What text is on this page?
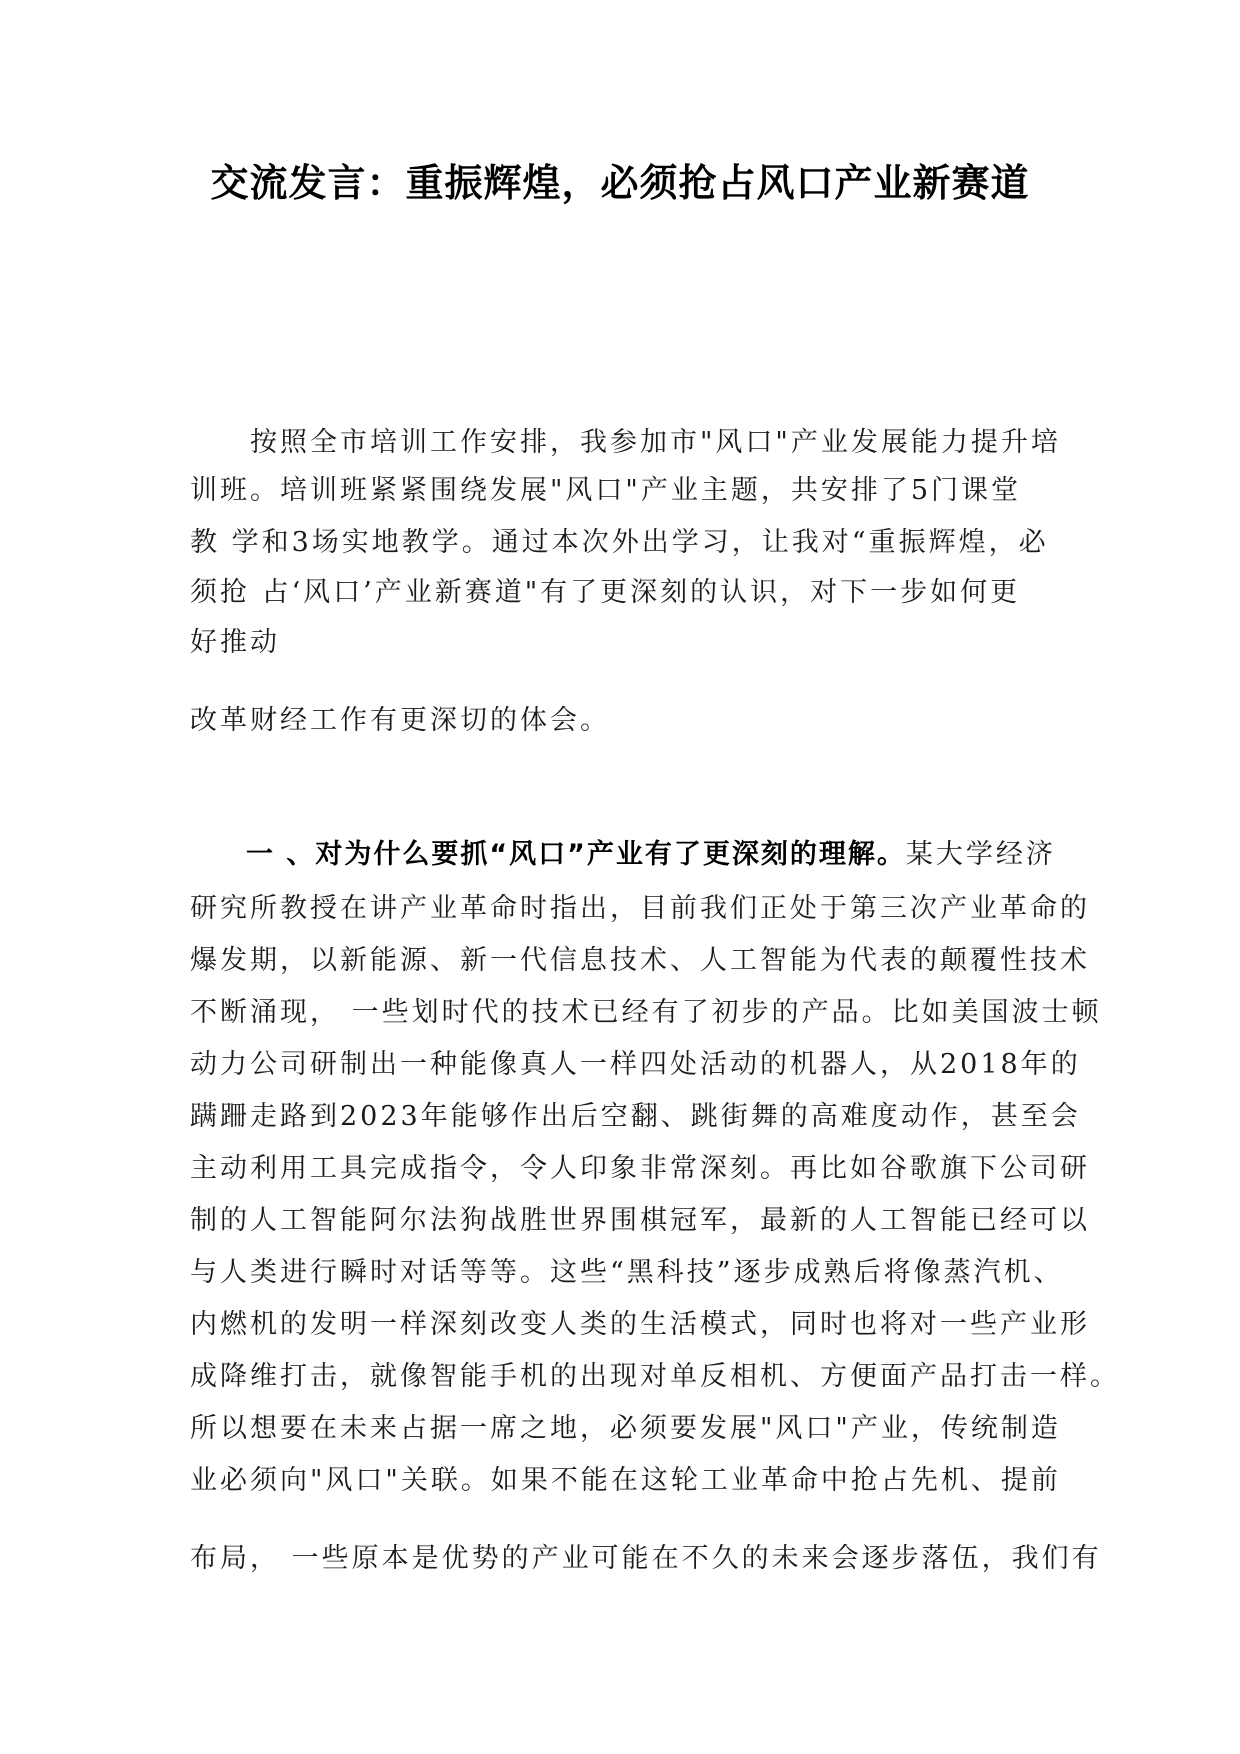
交流发言：重振辉煌，必须抢占风口产业新赛道

按照全市培训工作安排，我参加市"风口"产业发展能力提升培

训班。培训班紧紧围绕发展"风口"产业主题，共安排了5门课堂

教 学和3场实地教学。通过本次外出学习，让我对“重振辉煌，必

须抢 占‘风口’产业新赛道"有了更深刻的认识，对下一步如何更

好推动

改革财经工作有更深切的体会。

一 、对为什么要抓“风口”产业有了更深刻的理解。某大学经济

研究所教授在讲产业革命时指出，目前我们正处于第三次产业革命的

爆发期，以新能源、新一代信息技术、人工智能为代表的颠覆性技术

不断涌现， 一些划时代的技术已经有了初步的产品。比如美国波士顿

动力公司研制出一种能像真人一样四处活动的机器人，从2018年的

蹒跚走路到2023年能够作出后空翻、跳街舞的高难度动作，甚至会

主动利用工具完成指令，令人印象非常深刻。再比如谷歌旗下公司研

制的人工智能阿尔法狗战胜世界围棋冠军，最新的人工智能已经可以

与人类进行瞬时对话等等。这些“黑科技”逐步成熟后将像蒸汽机、

内燃机的发明一样深刻改变人类的生活模式，同时也将对一些产业形

成降维打击，就像智能手机的出现对单反相机、方便面产品打击一样。

所以想要在未来占据一席之地，必须要发展"风口"产业，传统制造

业必须向"风口"关联。如果不能在这轮工业革命中抢占先机、提前

布局， 一些原本是优势的产业可能在不久的未来会逐步落伍，我们有
